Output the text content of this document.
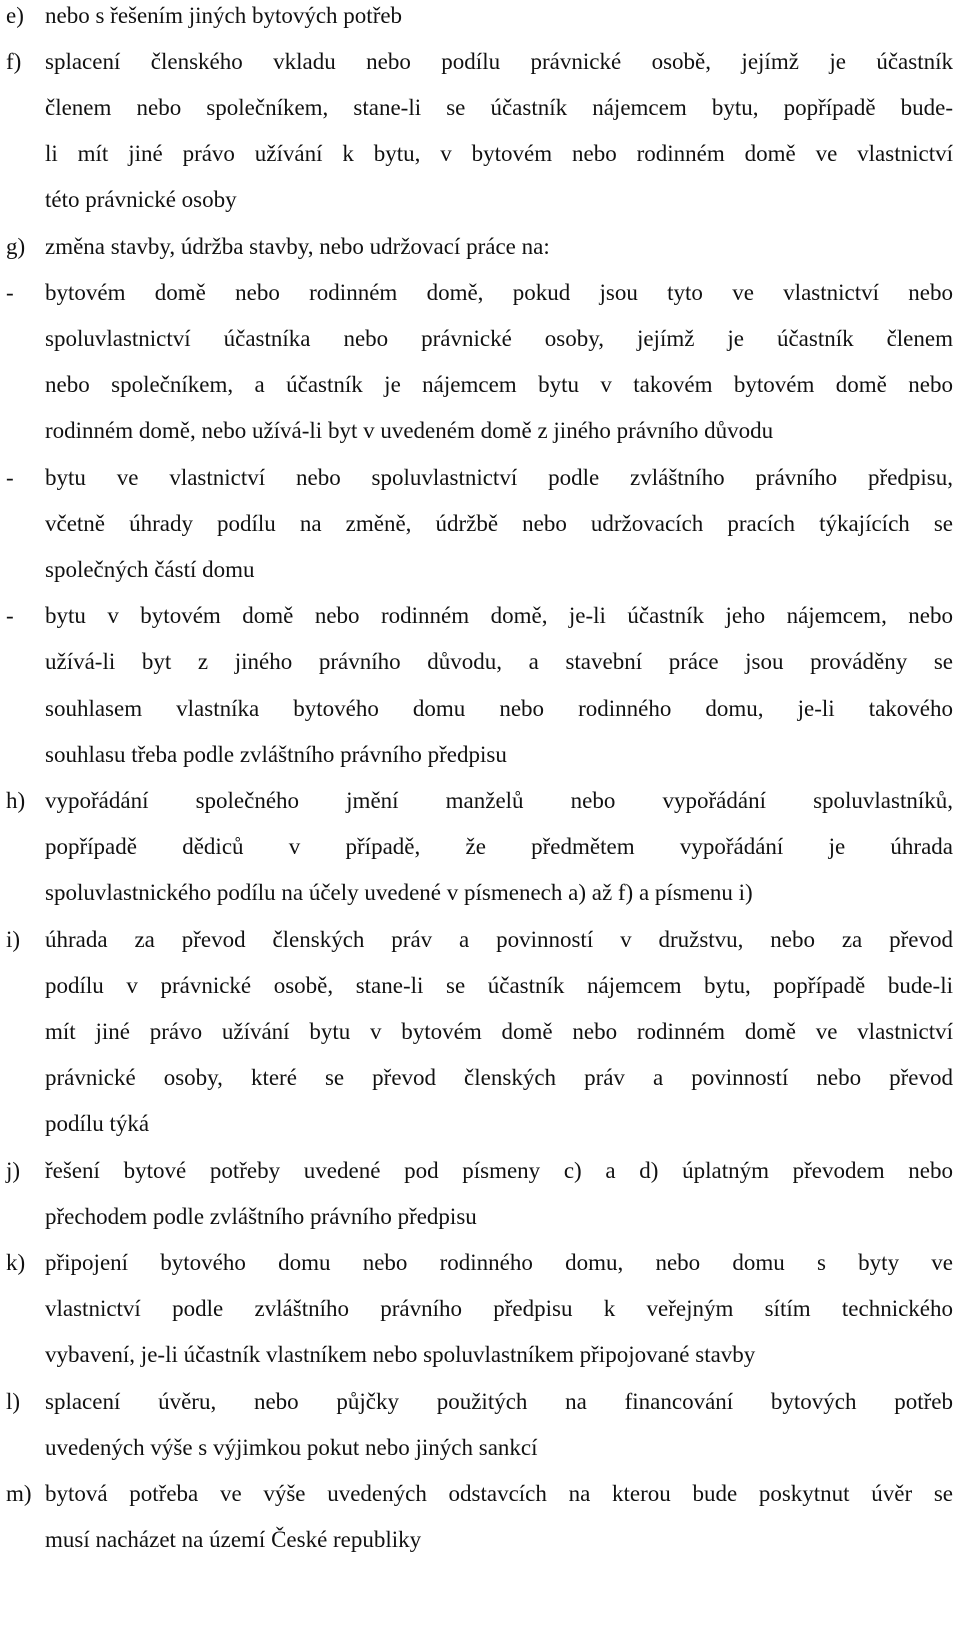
e) nebo s řešením jiných bytových potřeb
f)	splacení členského vkladu nebo podílu právnické osobě, jejímž je účastník
členem nebo společníkem, stane-li se účastník nájemcem bytu, popřípadě bude-
li mít jiné právo užívání k bytu, v bytovém nebo rodinném domě ve vlastnictví
této právnické osoby
g) změna stavby, údržba stavby, nebo udržovací práce na:
-	bytovém domě nebo rodinném domě, pokud jsou tyto ve vlastnictví nebo
spoluvlastnictví účastníka nebo právnické osoby, jejímž je účastník členem
nebo společníkem, a účastník je nájemcem bytu v takovém bytovém domě nebo
rodinném domě, nebo užívá-li byt v uvedeném domě z jiného právního důvodu
-	bytu ve vlastnictví nebo spoluvlastnictví podle zvláštního právního předpisu,
včetně úhrady podílu na změně, údržbě nebo udržovacích pracích týkajících se
společných částí domu
-	bytu v bytovém domě nebo rodinném domě, je-li účastník jeho nájemcem, nebo
užívá-li byt z jiného právního důvodu, a stavební práce jsou prováděny se
souhlasem vlastníka bytového domu nebo rodinného domu, je-li takového
souhlasu třeba podle zvláštního právního předpisu
h) vypořádání společného jmění manželů nebo vypořádání spoluvlastníků,
popřípadě dědiců v případě, že předmětem vypořádání je úhrada
spoluvlastnického podílu na účely uvedené v písmenech a) až f) a písmenu i)
i)	úhrada za převod členských práv a povinností v družstvu, nebo za převod
podílu v právnické osobě, stane-li se účastník nájemcem bytu, popřípadě bude-li
mít jiné právo užívání bytu v bytovém domě nebo rodinném domě ve vlastnictví
právnické osoby, které se převod členských práv a povinností nebo převod
podílu týká
j)	řešení bytové potřeby uvedené pod písmeny c) a d) úplatným převodem nebo
přechodem podle zvláštního právního předpisu
k) připojení bytového domu nebo rodinného domu, nebo domu s byty ve
vlastnictví podle zvláštního právního předpisu k veřejným sítím technického
vybavení, je-li účastník vlastníkem nebo spoluvlastníkem připojované stavby
l)	splacení úvěru, nebo půjčky použitých na financování bytových potřeb
uvedených výše s výjimkou pokut nebo jiných sankcí
m) bytová potřeba ve výše uvedených odstavcích na kterou bude poskytnut úvěr se
musí nacházet na území České republiky
